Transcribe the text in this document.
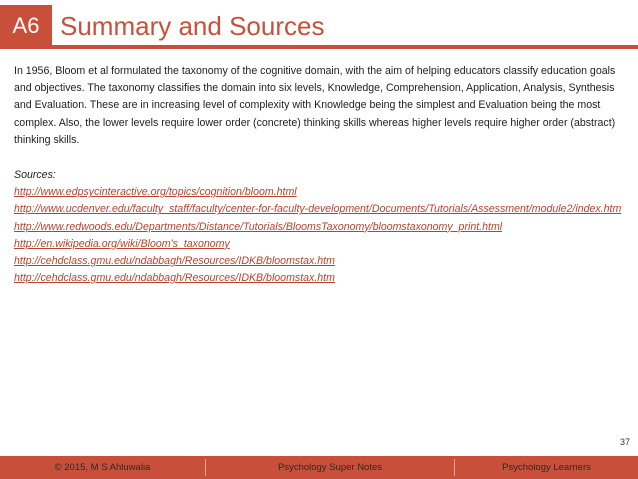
A6 Summary and Sources

In 1956, Bloom et al formulated the taxonomy of the cognitive domain, with the aim of helping educators classify education goals and objectives. The taxonomy classifies the domain into six levels, Knowledge, Comprehension, Application, Analysis, Synthesis and Evaluation. These are in increasing level of complexity with Knowledge being the simplest and Evaluation being the most complex. Also, the lower levels require lower order (concrete) thinking skills whereas higher levels require higher order (abstract) thinking skills.

Sources:

http://www.edpsycinteractive.org/topics/cognition/bloom.html
http://www.ucdenver.edu/faculty_staff/faculty/center-for-faculty-development/Documents/Tutorials/Assessment/module2/index.htm
http://www.redwoods.edu/Departments/Distance/Tutorials/BloomsTaxonomy/bloomstaxonomy_print.html
http://en.wikipedia.org/wiki/Bloom's_taxonomy
http://cehdclass.gmu.edu/ndabbagh/Resources/IDKB/bloomstax.htm
http://cehdclass.gmu.edu/ndabbagh/Resources/IDKB/bloomstax.htm
37
© 2015, M S Ahluwalia	Psychology Super Notes	Psychology Learners
